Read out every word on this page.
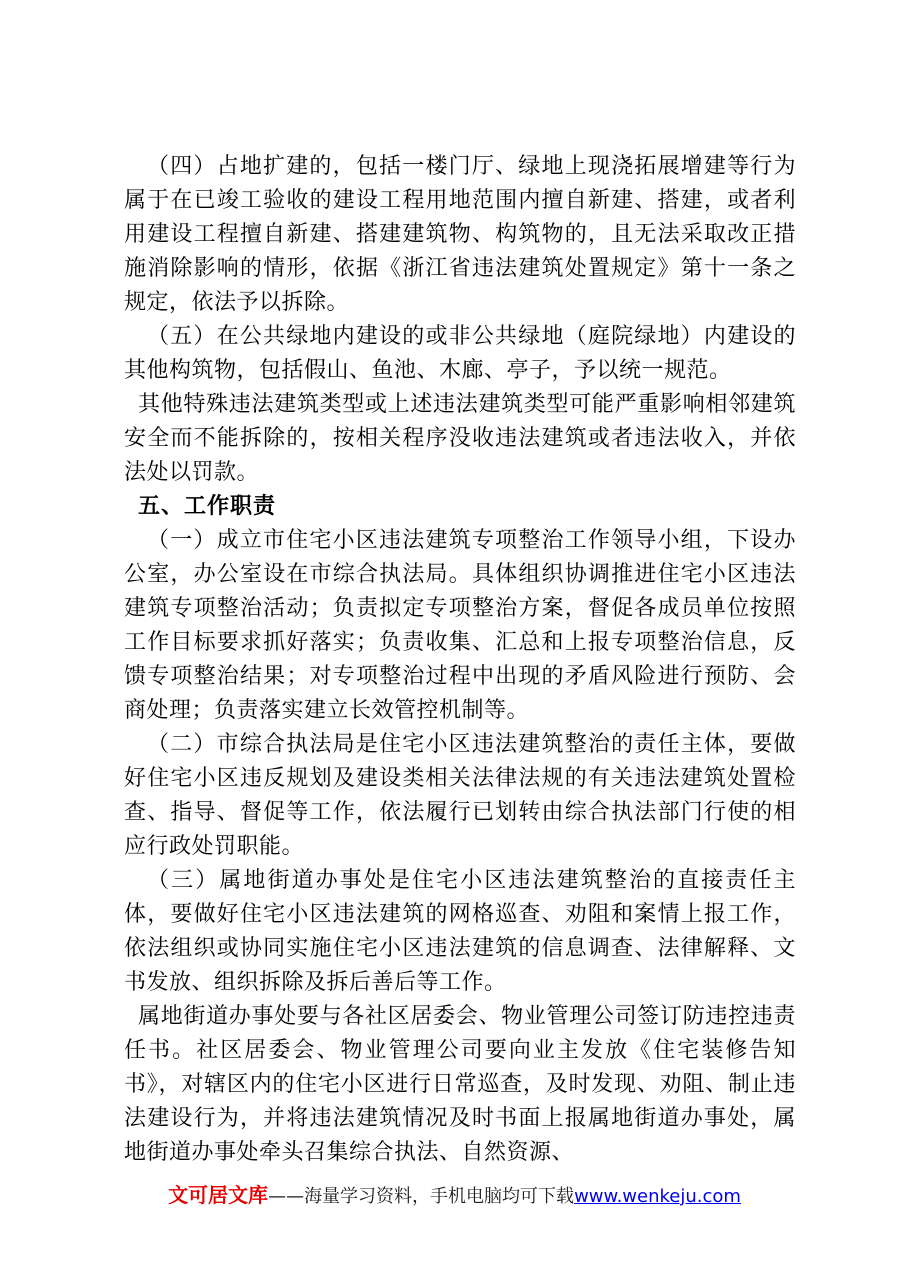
（四）占地扩建的，包括一楼门厅、绿地上现浇拓展增建等行为属于在已竣工验收的建设工程用地范围内擅自新建、搭建，或者利用建设工程擅自新建、搭建建筑物、构筑物的，且无法采取改正措施消除影响的情形，依据《浙江省违法建筑处置规定》第十一条之规定，依法予以拆除。

（五）在公共绿地内建设的或非公共绿地（庭院绿地）内建设的其他构筑物，包括假山、鱼池、木廊、亭子，予以统一规范。

其他特殊违法建筑类型或上述违法建筑类型可能严重影响相邻建筑安全而不能拆除的，按相关程序没收违法建筑或者违法收入，并依法处以罚款。

五、工作职责

（一）成立市住宅小区违法建筑专项整治工作领导小组，下设办公室，办公室设在市综合执法局。具体组织协调推进住宅小区违法建筑专项整治活动；负责拟定专项整治方案，督促各成员单位按照工作目标要求抓好落实；负责收集、汇总和上报专项整治信息，反馈专项整治结果；对专项整治过程中出现的矛盾风险进行预防、会商处理；负责落实建立长效管控机制等。

（二）市综合执法局是住宅小区违法建筑整治的责任主体，要做好住宅小区违反规划及建设类相关法律法规的有关违法建筑处置检查、指导、督促等工作，依法履行已划转由综合执法部门行使的相应行政处罚职能。

（三）属地街道办事处是住宅小区违法建筑整治的直接责任主体，要做好住宅小区违法建筑的网格巡查、劝阻和案情上报工作，依法组织或协同实施住宅小区违法建筑的信息调查、法律解释、文书发放、组织拆除及拆后善后等工作。

属地街道办事处要与各社区居委会、物业管理公司签订防违控违责任书。社区居委会、物业管理公司要向业主发放《住宅装修告知书》，对辖区内的住宅小区进行日常巡查，及时发现、劝阻、制止违法建设行为，并将违法建筑情况及时书面上报属地街道办事处，属地街道办事处牵头召集综合执法、自然资源、

文可居文库——海量学习资料，手机电脑均可下载www.wenkeju.com
